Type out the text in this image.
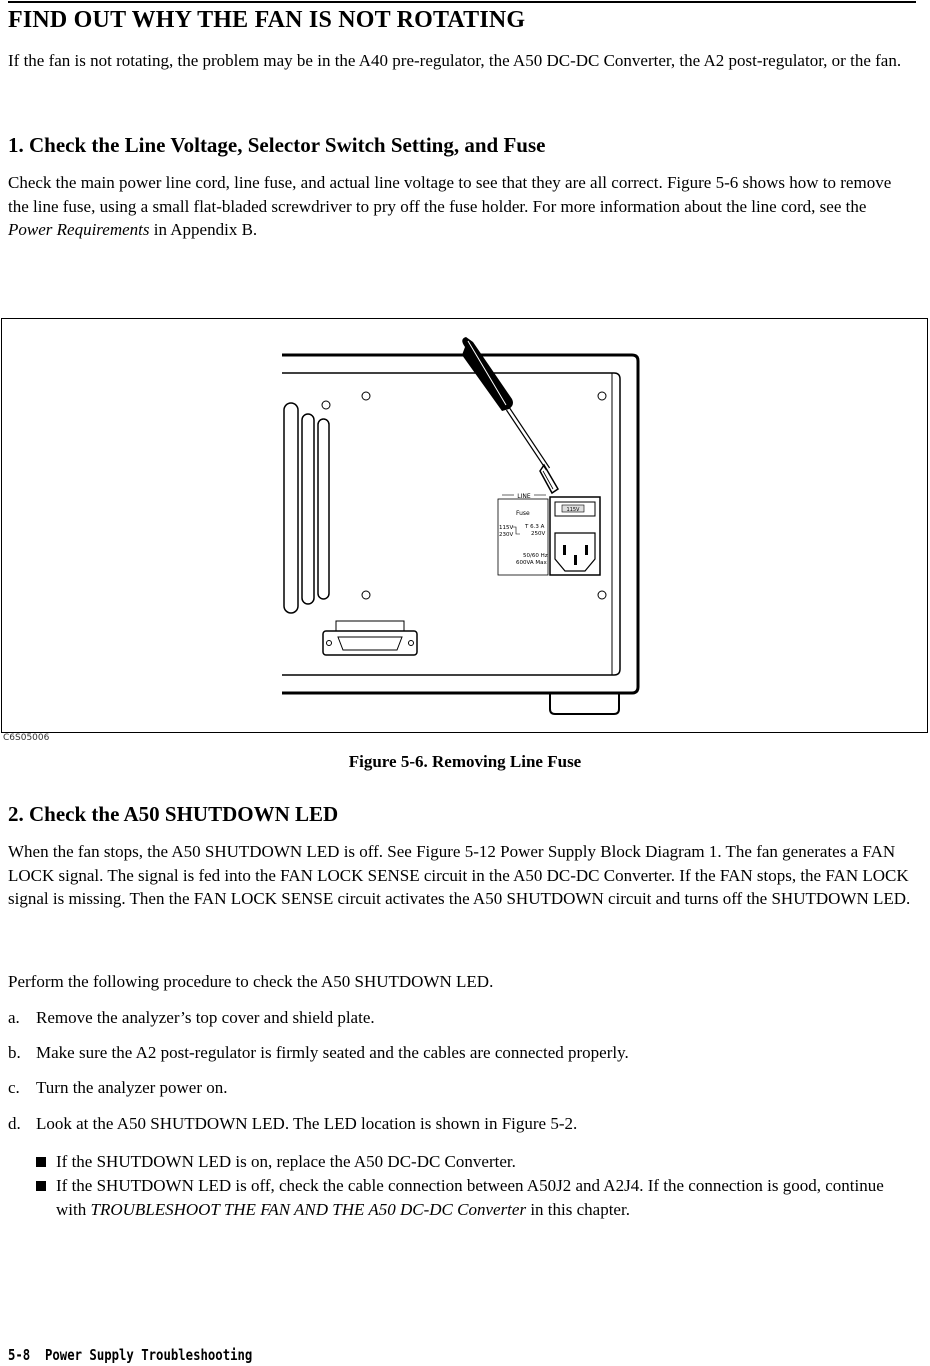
FIND OUT WHY THE FAN IS NOT ROTATING

If the fan is not rotating, the problem may be in the A40 pre-regulator, the A50 DC-DC Converter, the A2 post-regulator, or the fan.

1. Check the Line Voltage, Selector Switch Setting, and Fuse

Check the main power line cord, line fuse, and actual line voltage to see that they are all correct. Figure 5-6 shows how to remove the line fuse, using a small flat-bladed screwdriver to pry off the fuse holder. For more information about the line cord, see the Power Requirements in Appendix B.

LINE
Fuse
115V
230V
T 6.3 A
250V
50/60 Hz
600VA Max
115V
C6S05006
Figure 5-6. Removing Line Fuse
2. Check the A50 SHUTDOWN LED

When the fan stops, the A50 SHUTDOWN LED is off. See Figure 5-12 Power Supply Block Diagram 1. The fan generates a FAN LOCK signal. The signal is fed into the FAN LOCK SENSE circuit in the A50 DC-DC Converter. If the FAN stops, the FAN LOCK signal is missing. Then the FAN LOCK SENSE circuit activates the A50 SHUTDOWN circuit and turns off the SHUTDOWN LED.

Perform the following procedure to check the A50 SHUTDOWN LED.

a. Remove the analyzer’s top cover and shield plate.
b. Make sure the A2 post-regulator is firmly seated and the cables are connected properly.
c. Turn the analyzer power on.
d. Look at the A50 SHUTDOWN LED. The LED location is shown in Figure 5-2.
If the SHUTDOWN LED is on, replace the A50 DC-DC Converter.
If the SHUTDOWN LED is off, check the cable connection between A50J2 and A2J4. If the connection is good, continue with TROUBLESHOOT THE FAN AND THE A50 DC-DC Converter in this chapter.
5-8 Power Supply Troubleshooting
